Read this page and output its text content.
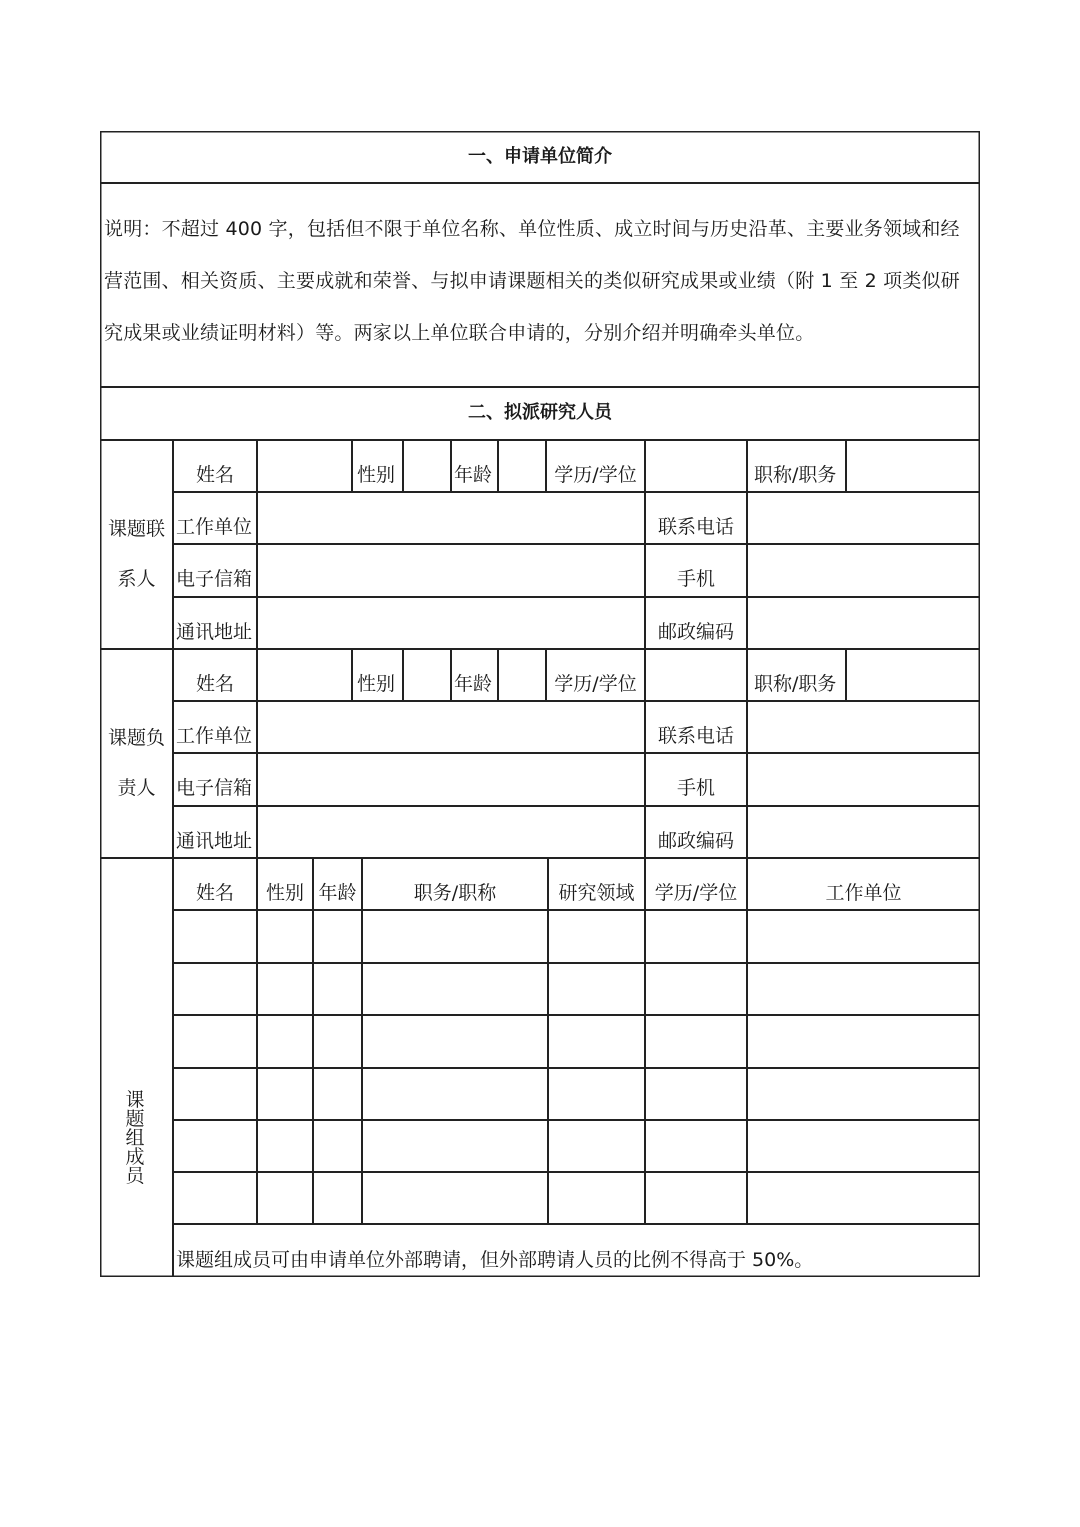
一、申请单位简介
说明：不超过 400 字，包括但不限于单位名称、单位性质、成立时间与历史沿革、主要业务领域和经营范围、相关资质、主要成就和荣誉、与拟申请课题相关的类似研究成果或业绩（附 1 至 2 项类似研究成果或业绩证明材料）等。两家以上单位联合申请的，分别介绍并明确牵头单位。
二、拟派研究人员
课题联
系人
姓名	性别	年龄	学历/学位	职称/职务
工作单位	联系电话
电子信箱	手机
通讯地址	邮政编码
课题负
责人
姓名	性别	年龄	学历/学位	职称/职务
工作单位	联系电话
电子信箱	手机
通讯地址	邮政编码
课题组成员
姓名	性别 年龄	职务/职称	研究领域	学历/学位	工作单位
课题组成员可由申请单位外部聘请，但外部聘请人员的比例不得高于 50%。
